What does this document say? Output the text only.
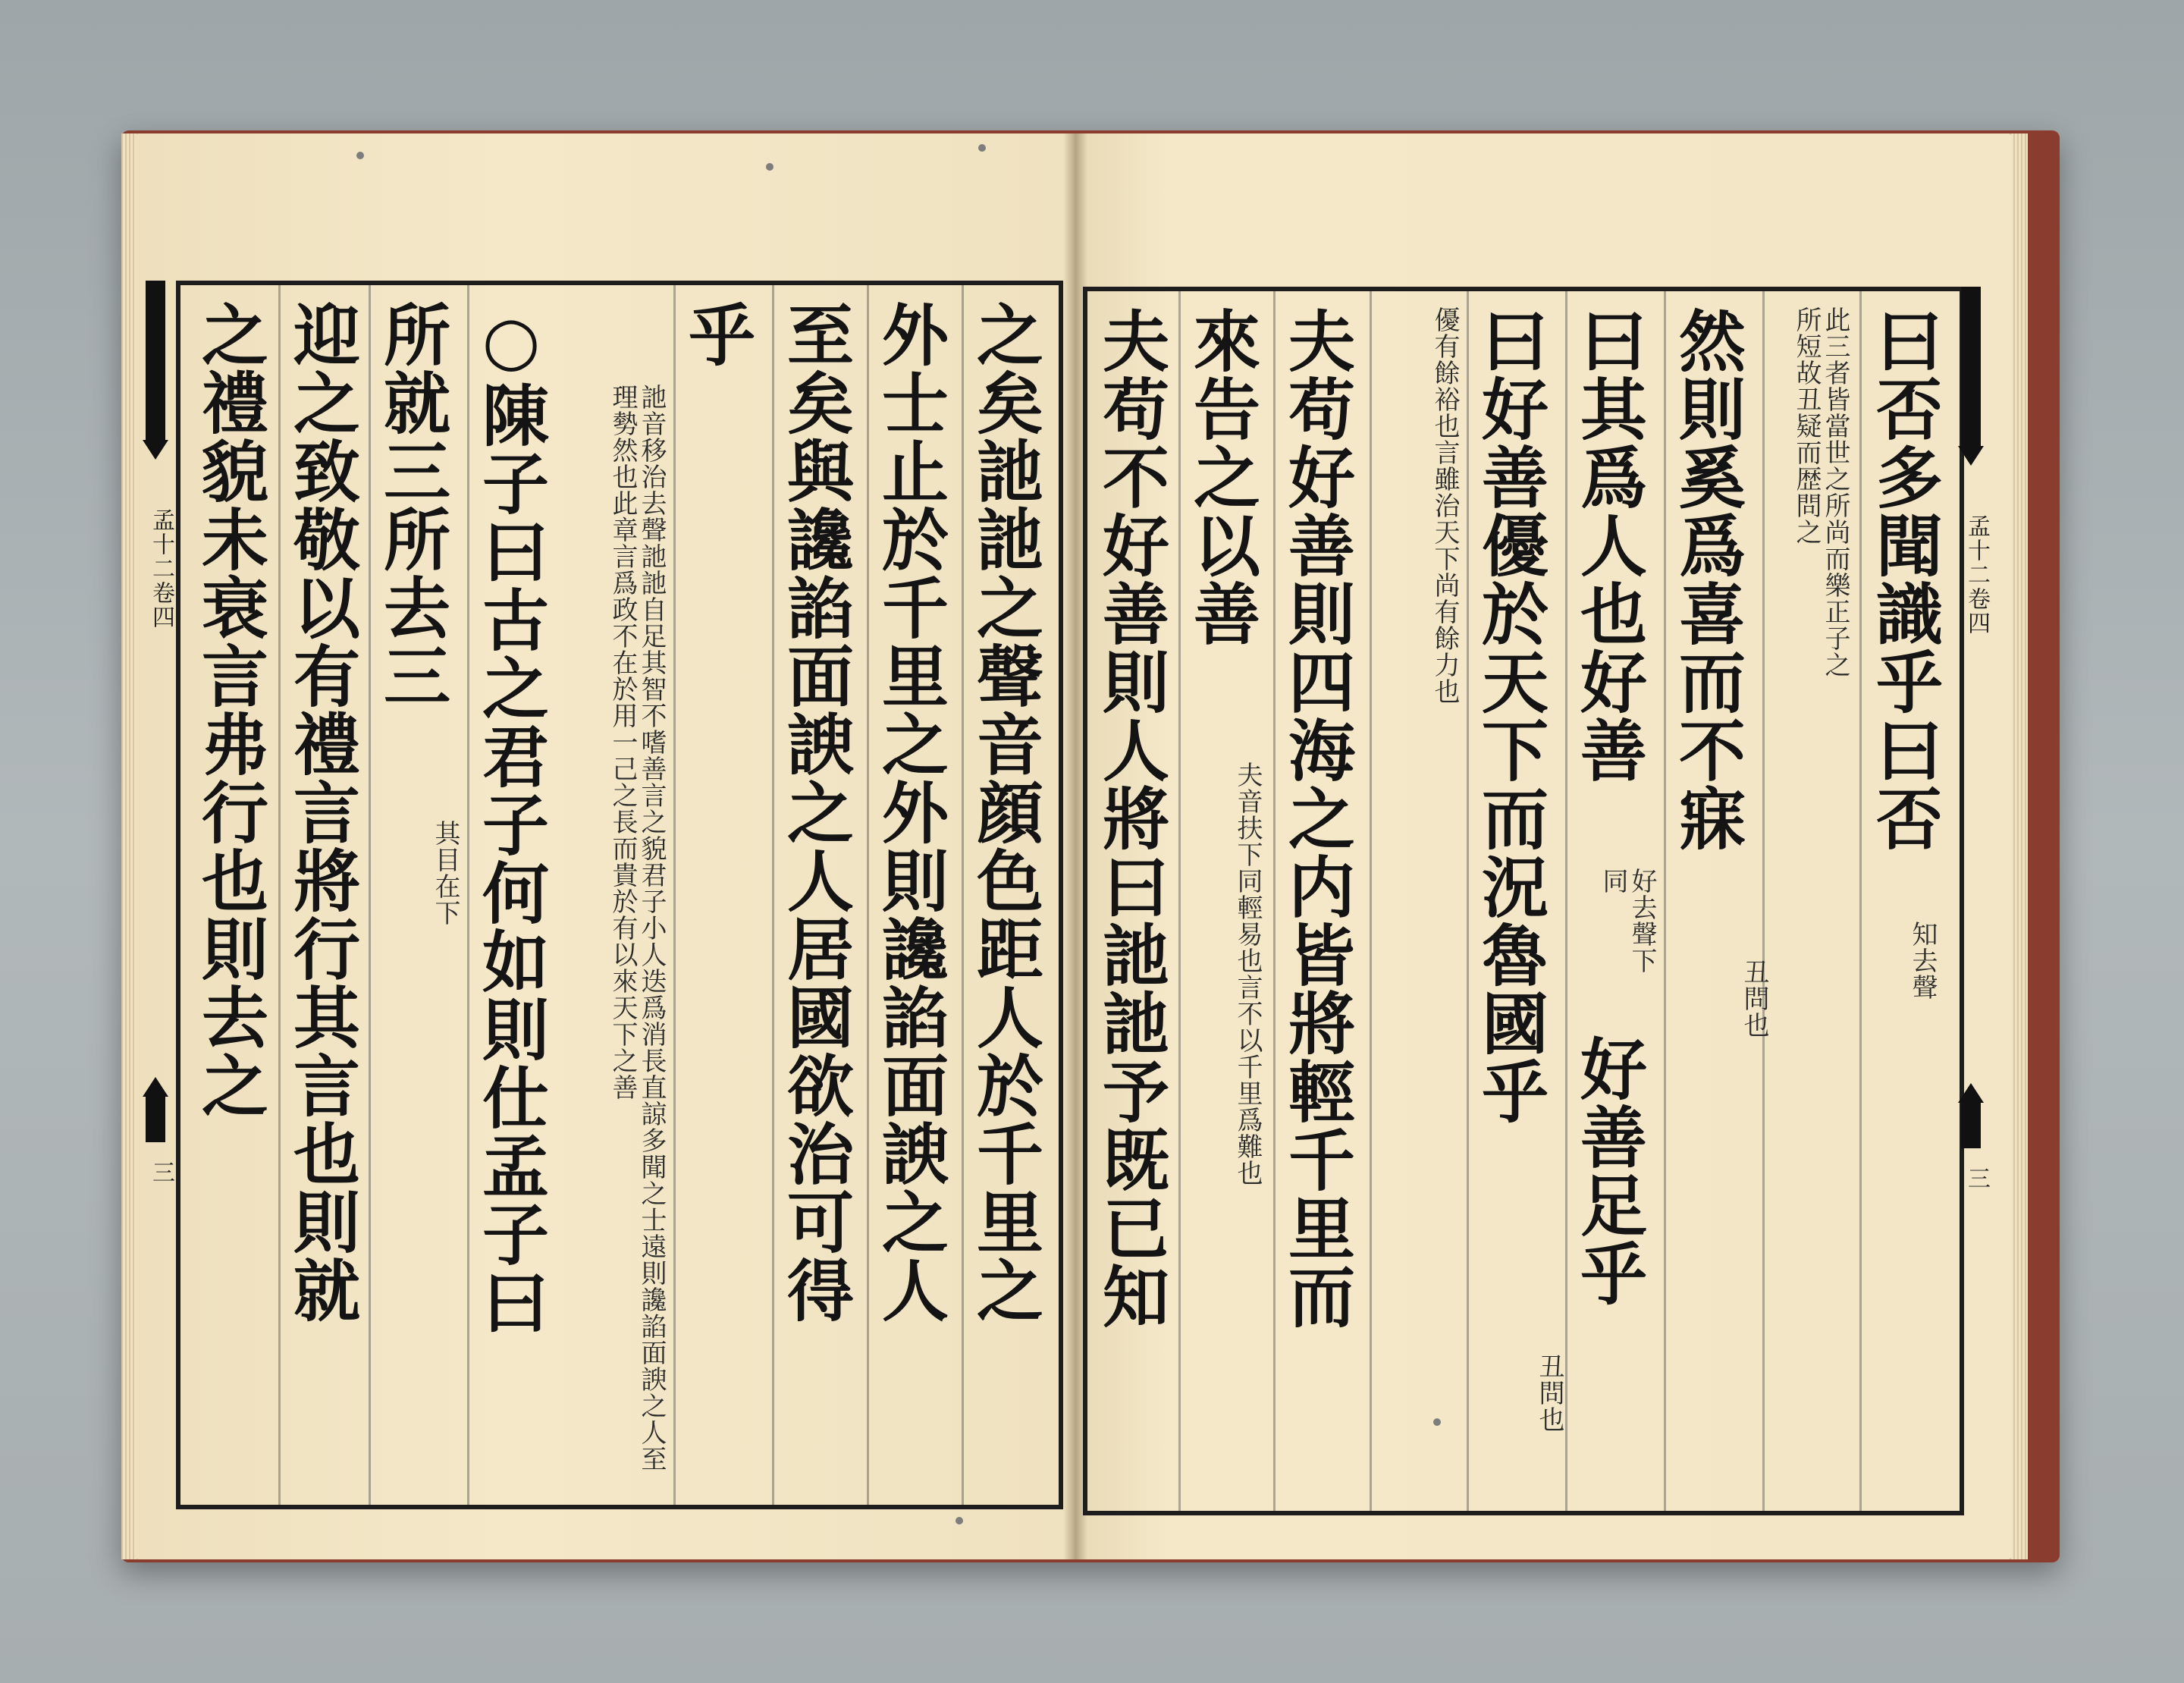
之矣訑訑之聲音顔色距人於千里之
外士止於千里之外則讒諂面諛之人
至矣與讒諂面諛之人居國欲治可得
乎
訑音移治去聲訑訑自足其智不嗜善言之貌君子小人迭爲消長直諒多聞之士遠則讒諂面諛之人至理勢然也此章言爲政不在於用一己之長而貴於有以來天下之善
○陳子曰古之君子何如則仕孟子曰
所就三所去三
其目在下
迎之致敬以有禮言將行其言也則就
之禮貌未衰言弗行也則去之
孟十二卷四
三
曰否多聞識乎曰否
知去聲
此三者皆當世之所尚而樂正子之所短故丑疑而歴問之
然則奚爲喜而不寐
丑問也
曰其爲人也好善
好去聲下同
好善足乎
丑問也
曰好善優於天下而況魯國乎
優有餘裕也言雖治天下尚有餘力也
夫苟好善則四海之内皆將輕千里而
來告之以善
夫音扶下同輕易也言不以千里爲難也
夫苟不好善則人將曰訑訑予既已知	孟十二卷四
三
